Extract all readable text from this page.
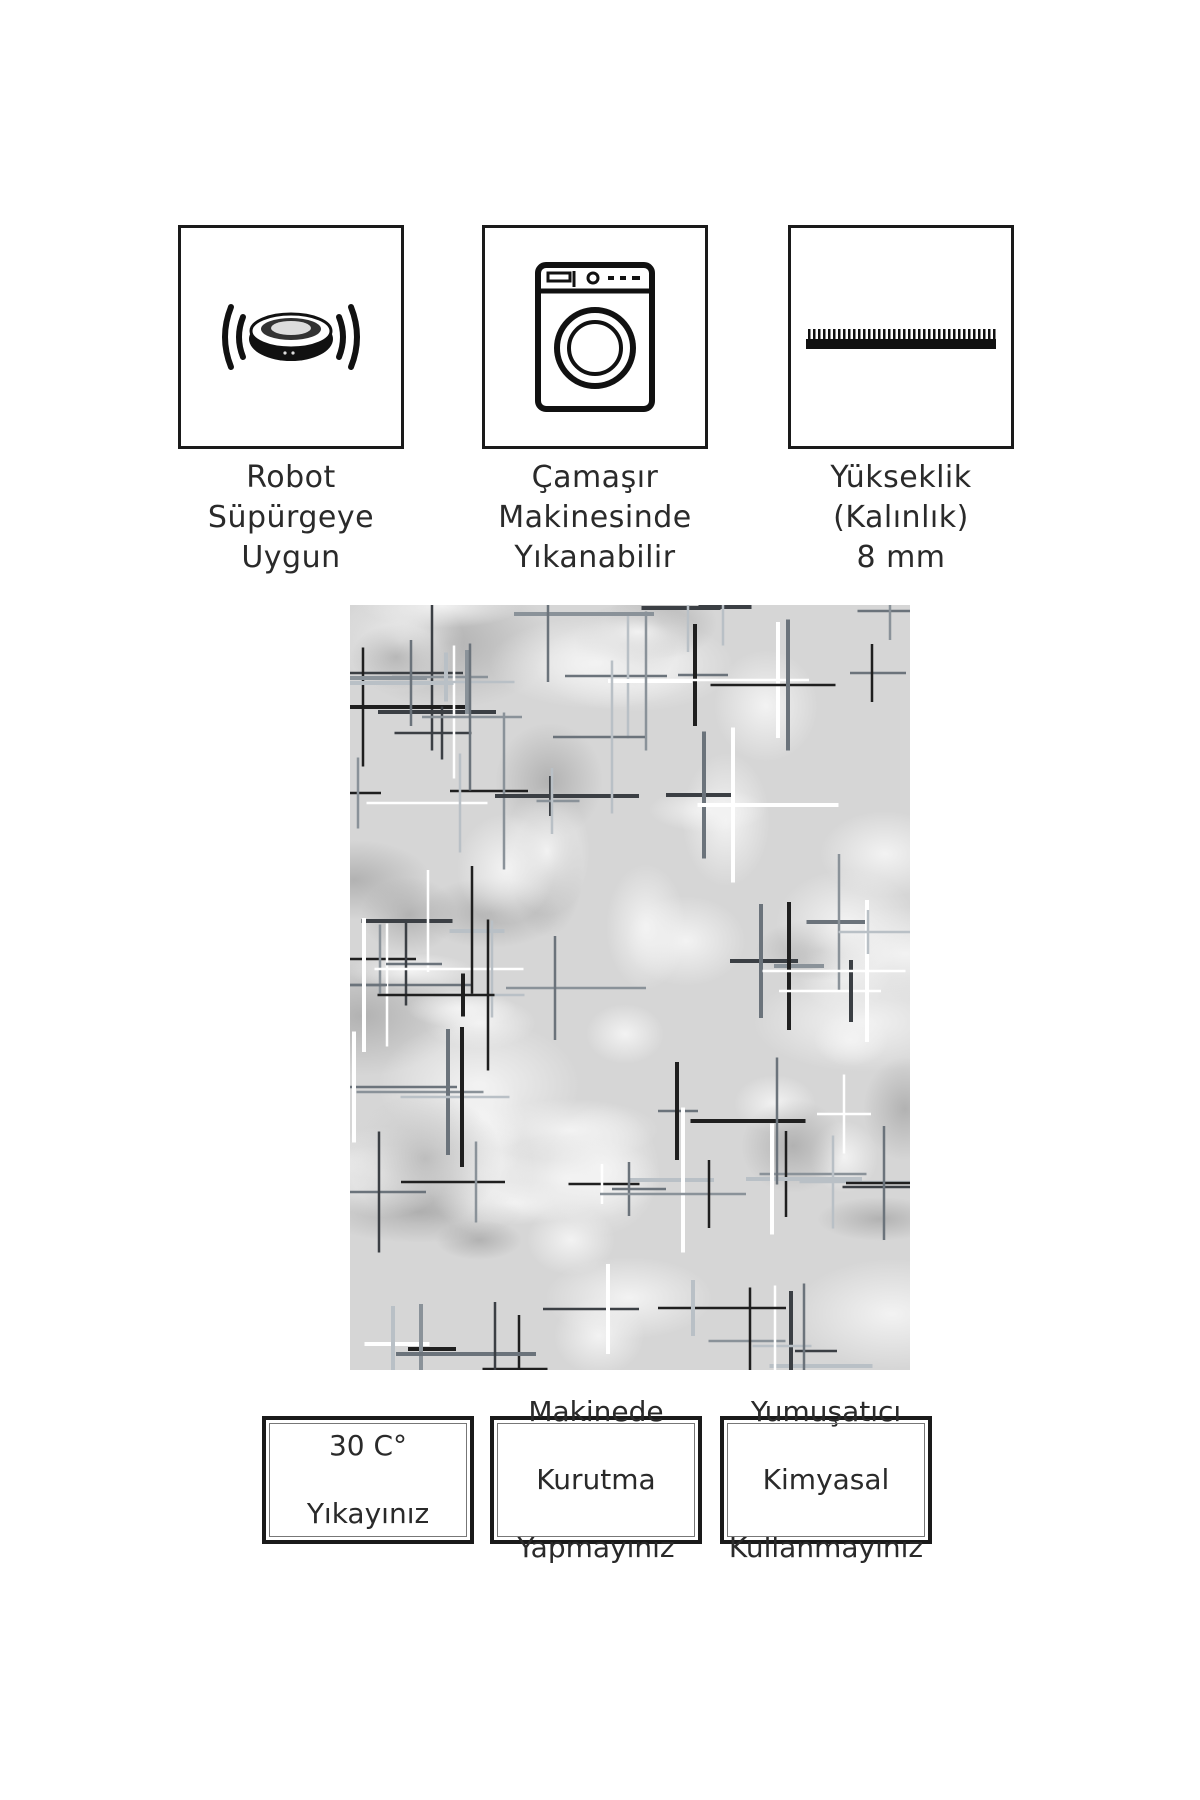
Robot
Süpürgeye
Uygun
Çamaşır
Makinesinde
Yıkanabilir
Yükseklik
(Kalınlık)
8 mm

30 C°

Yıkayınız

Makinede

Kurutma

Yapmayınız

Yumuşatıcı

Kimyasal

Kullanmayınız
